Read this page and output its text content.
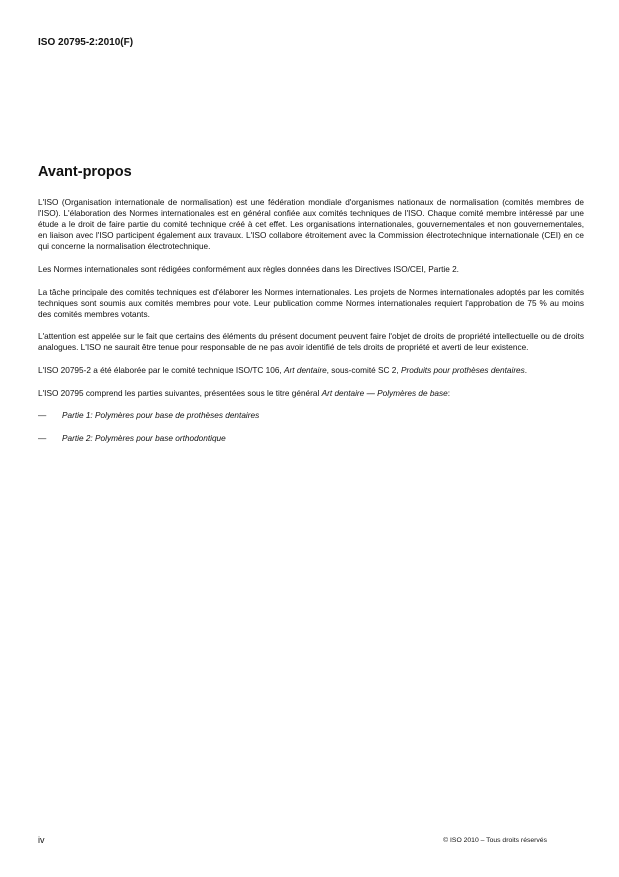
ISO 20795-2:2010(F)
Avant-propos

L'ISO (Organisation internationale de normalisation) est une fédération mondiale d'organismes nationaux de normalisation (comités membres de l'ISO). L'élaboration des Normes internationales est en général confiée aux comités techniques de l'ISO. Chaque comité membre intéressé par une étude a le droit de faire partie du comité technique créé à cet effet. Les organisations internationales, gouvernementales et non gouvernementales, en liaison avec l'ISO participent également aux travaux. L'ISO collabore étroitement avec la Commission électrotechnique internationale (CEI) en ce qui concerne la normalisation électrotechnique.

Les Normes internationales sont rédigées conformément aux règles données dans les Directives ISO/CEI, Partie 2.

La tâche principale des comités techniques est d'élaborer les Normes internationales. Les projets de Normes internationales adoptés par les comités techniques sont soumis aux comités membres pour vote. Leur publication comme Normes internationales requiert l'approbation de 75 % au moins des comités membres votants.

L'attention est appelée sur le fait que certains des éléments du présent document peuvent faire l'objet de droits de propriété intellectuelle ou de droits analogues. L'ISO ne saurait être tenue pour responsable de ne pas avoir identifié de tels droits de propriété et averti de leur existence.

L'ISO 20795-2 a été élaborée par le comité technique ISO/TC 106, Art dentaire, sous-comité SC 2, Produits pour prothèses dentaires.

L'ISO 20795 comprend les parties suivantes, présentées sous le titre général Art dentaire — Polymères de base:

—	Partie 1: Polymères pour base de prothèses dentaires
—	Partie 2: Polymères pour base orthodontique
iv	© ISO 2010 – Tous droits réservés
